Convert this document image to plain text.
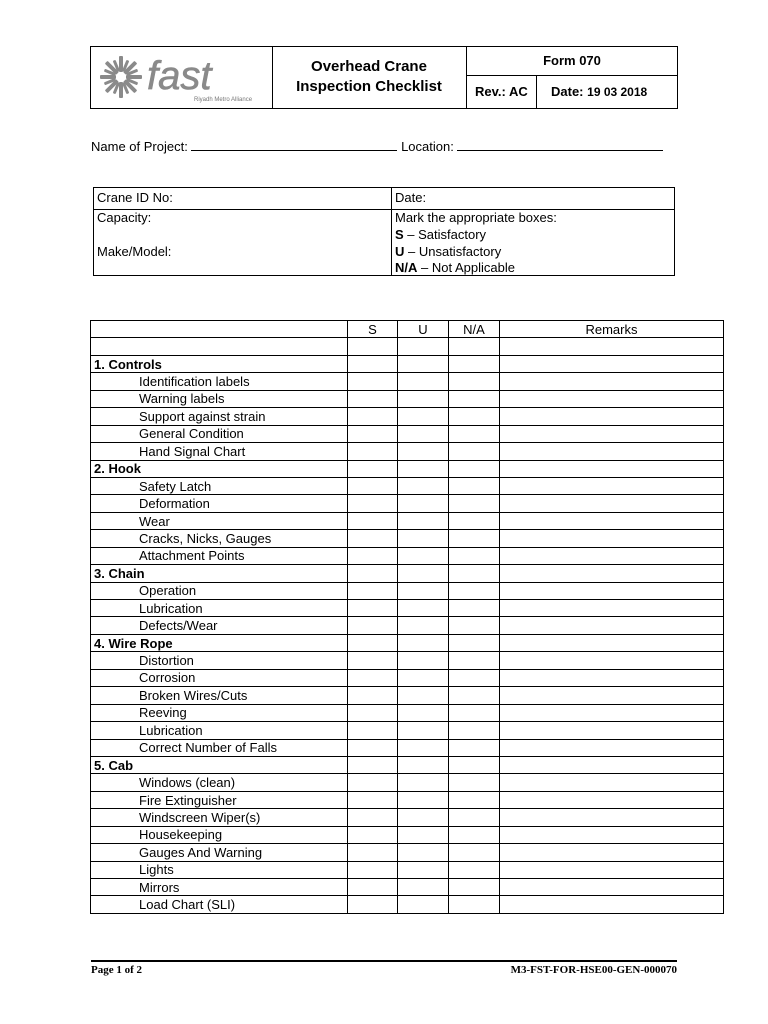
fast
Riyadh Metro Alliance
Overhead Crane
Inspection Checklist
Form 070
Rev.: AC	Date: 19 03 2018
Name of Project:	Location:
Crane ID No:	Date:
Capacity:
Make/Model:
Mark the appropriate boxes:
S – Satisfactory
U – Unsatisfactory
N/A – Not Applicable
	S	U	N/A	Remarks

1. Controls				
Identification labels				
Warning labels				
Support against strain				
General Condition				
Hand Signal Chart				
2. Hook				
Safety Latch				
Deformation				
Wear				
Cracks, Nicks, Gauges				
Attachment Points				
3. Chain				
Operation				
Lubrication				
Defects/Wear				
4. Wire Rope				
Distortion				
Corrosion				
Broken Wires/Cuts				
Reeving				
Lubrication				
Correct Number of Falls				
5. Cab				
Windows (clean)				
Fire Extinguisher				
Windscreen Wiper(s)				
Housekeeping				
Gauges And Warning				
Lights				
Mirrors				
Load Chart (SLI)				
Page 1 of 2	M3-FST-FOR-HSE00-GEN-000070
